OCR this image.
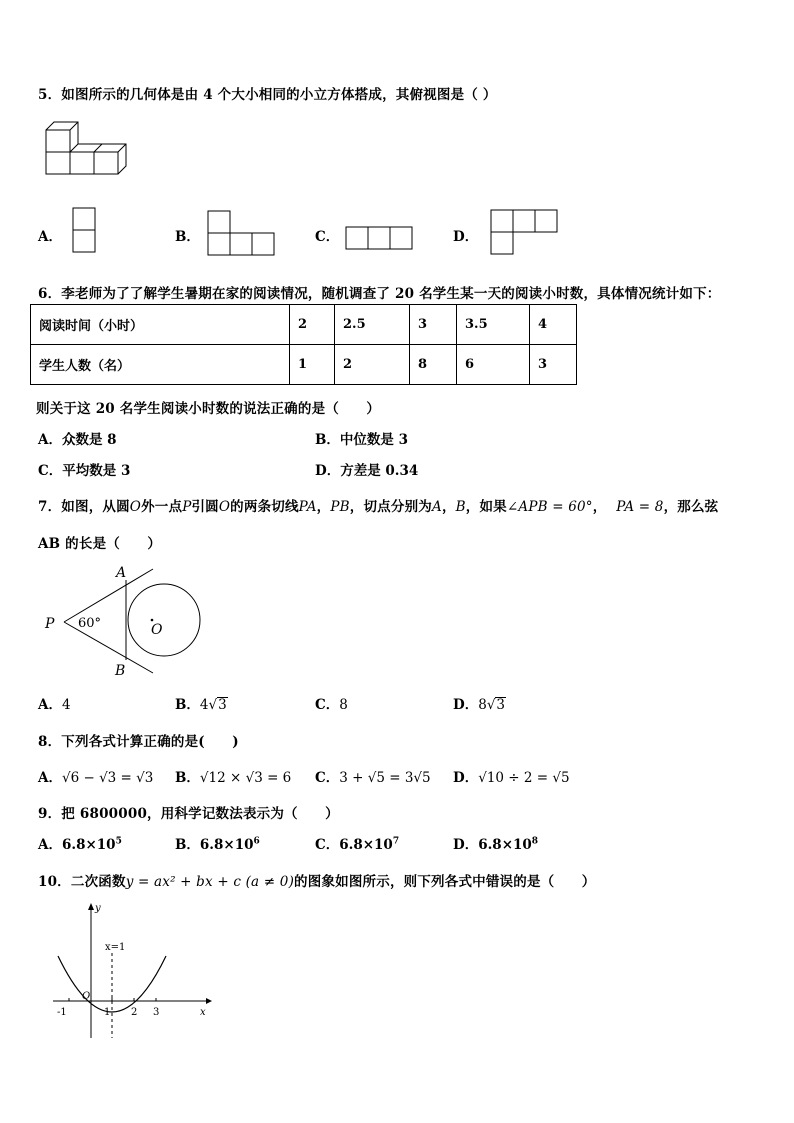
5．如图所示的几何体是由 4 个大小相同的小立方体搭成，其俯视图是（ ）
A．	B．	C．	D．
6．李老师为了了解学生暑期在家的阅读情况，随机调查了 20 名学生某一天的阅读小时数，具体情况统计如下：
阅读时间（小时）	2	2.5	3	3.5	4
学生人数（名）	1	2	8	6	3
则关于这 20 名学生阅读小时数的说法正确的是（　　）
A．众数是 8	B．中位数是 3
C．平均数是 3	D．方差是 0.34
7．如图，从圆O外一点P引圆O的两条切线PA，PB，切点分别为A，B，如果∠APB = 60°， PA = 8，那么弦
AB 的长是（　　）
P
A
B
O
60°
A．4	B．4√3	C．8	D．8√3
8．下列各式计算正确的是(　　)
A．√6 − √3 = √3 B．√12 × √3 = 6 C．3 + √5 = 3√5 D．√10 ÷ 2 = √5
9．把 6800000，用科学记数法表示为（　　）
A．$6.8\times 10^5$	B．$6.8\times 10^6$	C．$6.8\times 10^7$	D．$6.8\times 10^8$
10．二次函数y = ax² + bx + c (a ≠ 0)的图象如图所示，则下列各式中错误的是（　　）
y
x
x=1
O
-1	1 2 3
